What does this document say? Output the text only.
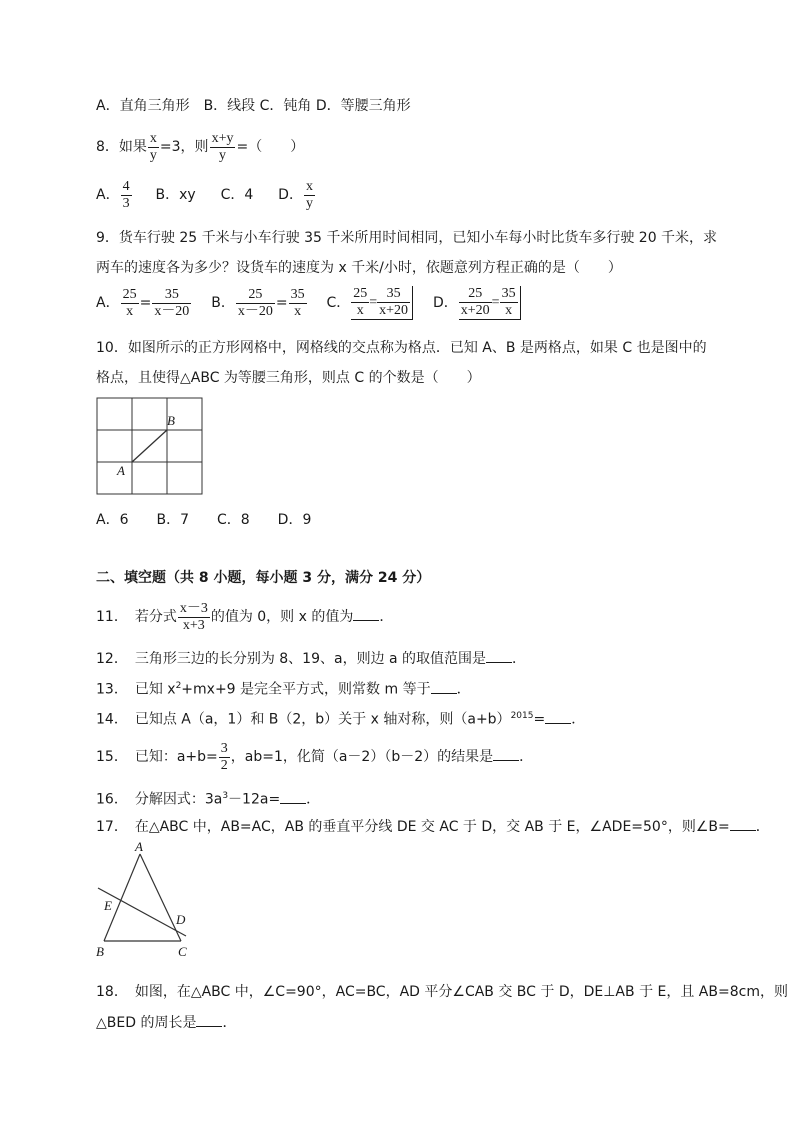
A．直角三角形　B．线段 C．钝角 D．等腰三角形
8．如果 $\frac{x}{y} =3$，则 $\frac{x+y}{y}$ =（　　）
A． $\frac{4}{3}$ B．xy C．4 D． $\frac{x}{y}$
9．货车行驶 25 千米与小车行驶 35 千米所用时间相同，已知小车每小时比货车多行驶 20 千米，求
两车的速度各为多少？设货车的速度为 x 千米/小时，依题意列方程正确的是（　　）
A． $\frac{25}{x} = \frac{35}{x-20}$ B． $\frac{25}{x-20} = \frac{35}{x}$ C． $\frac{25}{x} = \frac{35}{x+20}$ D． $\frac{25}{x+20} = \frac{35}{x}$
10．如图所示的正方形网格中，网格线的交点称为格点．已知 A、B 是两格点，如果 C 也是图中的
格点，且使得△ABC 为等腰三角形，则点 C 的个数是（　　）
A
B
A．6　　B．7　　C．8　　D．9
二、填空题（共 8 小题，每小题 3 分，满分 24 分）
11．　若分式 $\frac{x-3}{x+3}$ 的值为 0，则 x 的值为 ．
12．　三角形三边的长分别为 8、19、a，则边 a 的取值范围是 ．
13．　已知 $x^2+mx+9$ 是完全平方式，则常数 m 等于 ．
14．　已知点 A（a，1）和 B（2，b）关于 x 轴对称，则$(a+b)^{2015}=$ ．
15．　已知：$a+b= \frac{3}{2}$ ，ab=1，化简（a－2）（b－2）的结果是 ．
16．　分解因式：$3a^3-12a=$ ．
17．　在△ABC 中，AB=AC，AB 的垂直平分线 DE 交 AC 于 D，交 AB 于 E，∠ADE=50°，则∠B= ．
A
B	C
D
E
18．　如图，在△ABC 中，∠C=90°，AC=BC，AD 平分∠CAB 交 BC 于 D，DE⊥AB 于 E，且 AB=8cm，则
△BED 的周长是 ．
